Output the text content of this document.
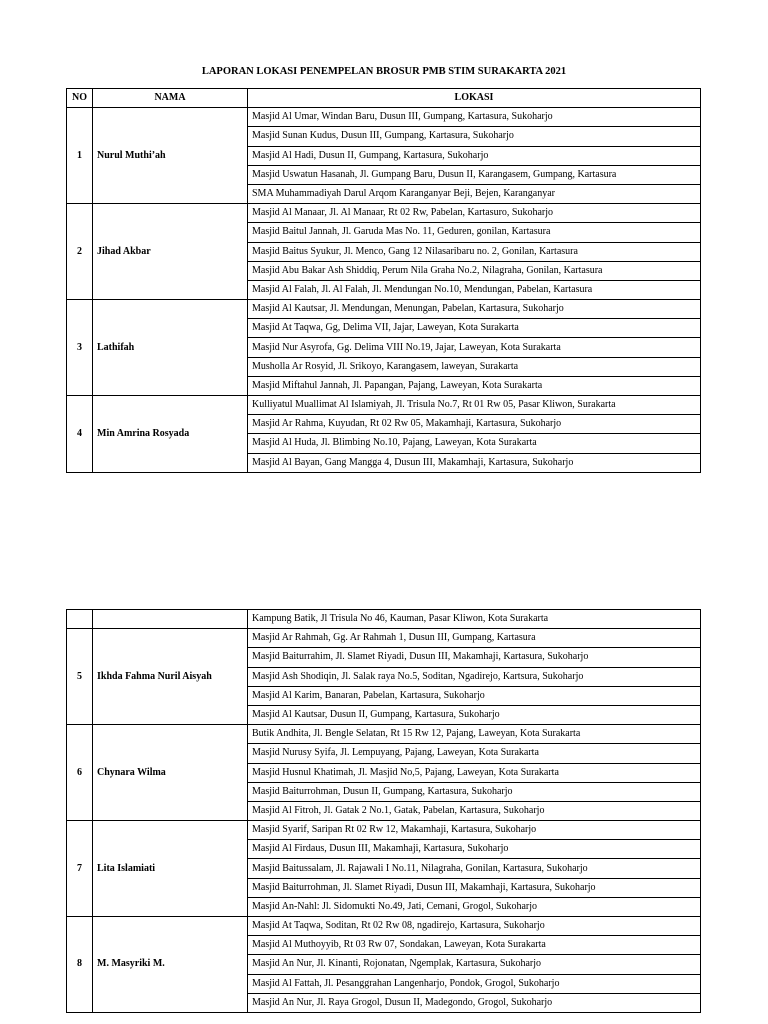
LAPORAN LOKASI PENEMPELAN BROSUR PMB STIM SURAKARTA 2021
NO	NAMA	LOKASI
1	Nurul Muthi’ah	Masjid Al Umar, Windan Baru, Dusun III, Gumpang, Kartasura, Sukoharjo
		Masjid Sunan Kudus, Dusun III, Gumpang, Kartasura, Sukoharjo
		Masjid Al Hadi, Dusun II, Gumpang, Kartasura, Sukoharjo
		Masjid Uswatun Hasanah, Jl. Gumpang Baru, Dusun II, Karangasem, Gumpang, Kartasura
		SMA Muhammadiyah Darul Arqom Karanganyar Beji, Bejen, Karanganyar
2	Jihad Akbar	Masjid Al Manaar, Jl. Al Manaar, Rt 02 Rw, Pabelan, Kartasuro, Sukoharjo
		Masjid Baitul Jannah, Jl. Garuda Mas No. 11, Geduren, gonilan, Kartasura
		Masjid Baitus Syukur, Jl. Menco, Gang 12 Nilasaribaru no. 2, Gonilan, Kartasura
		Masjid Abu Bakar Ash Shiddiq, Perum Nila Graha No.2, Nilagraha, Gonilan, Kartasura
		Masjid Al Falah, Jl. Al Falah, Jl. Mendungan No.10, Mendungan, Pabelan, Kartasura
3	Lathifah	Masjid Al Kautsar, Jl. Mendungan, Menungan, Pabelan, Kartasura, Sukoharjo
		Masjid At Taqwa, Gg, Delima VII, Jajar, Laweyan, Kota Surakarta
		Masjid Nur Asyrofa, Gg. Delima VIII No.19, Jajar, Laweyan, Kota Surakarta
		Musholla Ar Rosyid, Jl. Srikoyo, Karangasem, laweyan, Surakarta
		Masjid Miftahul Jannah, Jl. Papangan, Pajang, Laweyan, Kota Surakarta
4	Min Amrina Rosyada	Kulliyatul Muallimat Al Islamiyah, Jl. Trisula No.7, Rt 01 Rw 05, Pasar Kliwon, Surakarta
		Masjid Ar Rahma, Kuyudan, Rt 02 Rw 05, Makamhaji, Kartasura, Sukoharjo
		Masjid Al Huda, Jl. Blimbing No.10, Pajang, Laweyan, Kota Surakarta
		Masjid Al Bayan, Gang Mangga 4, Dusun III, Makamhaji, Kartasura, Sukoharjo
		Kampung Batik, Jl Trisula No 46, Kauman, Pasar Kliwon, Kota Surakarta
5	Ikhda Fahma Nuril Aisyah	Masjid Ar Rahmah, Gg. Ar Rahmah 1, Dusun III, Gumpang, Kartasura
		Masjid Baiturrahim, Jl. Slamet Riyadi, Dusun III, Makamhaji, Kartasura, Sukoharjo
		Masjid Ash Shodiqin, Jl. Salak raya No.5, Soditan, Ngadirejo, Kartsura, Sukoharjo
		Masjid Al Karim, Banaran, Pabelan, Kartasura, Sukoharjo
		Masjid Al Kautsar, Dusun II, Gumpang, Kartasura, Sukoharjo
6	Chynara Wilma	Butik Andhita, Jl. Bengle Selatan, Rt 15 Rw 12, Pajang, Laweyan, Kota Surakarta
		Masjid Nurusy Syifa, Jl. Lempuyang, Pajang, Laweyan, Kota Surakarta
		Masjid Husnul Khatimah, Jl. Masjid No,5, Pajang, Laweyan, Kota Surakarta
		Masjid Baiturrohman, Dusun II, Gumpang, Kartasura, Sukoharjo
		Masjid Al Fitroh, Jl. Gatak 2 No.1, Gatak, Pabelan, Kartasura, Sukoharjo
7	Lita Islamiati	Masjid Syarif, Saripan Rt 02 Rw 12, Makamhaji, Kartasura, Sukoharjo
		Masjid Al Firdaus, Dusun III, Makamhaji, Kartasura, Sukoharjo
		Masjid Baitussalam, Jl. Rajawali I No.11, Nilagraha, Gonilan, Kartasura, Sukoharjo
		Masjid Baiturrohman, Jl. Slamet Riyadi, Dusun III, Makamhaji, Kartasura, Sukoharjo
		Masjid An-Nahl: Jl. Sidomukti No.49, Jati, Cemani, Grogol, Sukoharjo
8	M. Masyriki M.	Masjid At Taqwa, Soditan, Rt 02 Rw 08, ngadirejo, Kartasura, Sukoharjo
		Masjid Al Muthoyyib, Rt 03 Rw 07, Sondakan, Laweyan, Kota Surakarta
		Masjid An Nur, Jl. Kinanti, Rojonatan, Ngemplak, Kartasura, Sukoharjo
		Masjid Al Fattah, Jl. Pesanggrahan Langenharjo, Pondok, Grogol, Sukoharjo
		Masjid An Nur, Jl. Raya Grogol, Dusun II, Madegondo, Grogol, Sukoharjo
